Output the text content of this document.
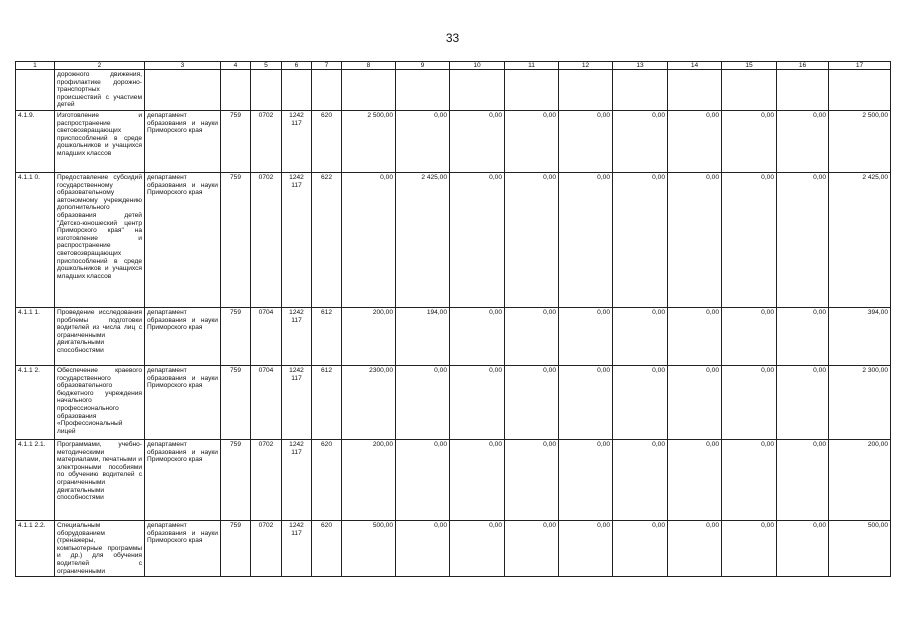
33
1	2	3	4	5	6	7	8	9	10	11	12	13	14	15	16	17
	дорожного движения, профилактике дорожно-транспортных происшествий с участием детей															
4.1.9.	Изготовление и распространение световозвращающих приспособлений в среде дошкольников и учащихся младших классов	департамент образования и науки Приморского края	759	0702	1242 117	620	2 500,00	0,00	0,00	0,00	0,00	0,00	0,00	0,00	0,00	2 500,00
4.1.1 0.	Предоставление субсидий государственному образовательному автономному учреждению дополнительного образования детей "Детско-юношеский центр Приморского края" на изготовление и распространение световозвращающих приспособлений в среде дошкольников и учащихся младших классов	департамент образования и науки Приморского края	759	0702	1242 117	622	0,00	2 425,00	0,00	0,00	0,00	0,00	0,00	0,00	0,00	2 425,00
4.1.1 1.	Проведение исследования проблемы подготовки водителей из числа лиц с ограниченными двигательными способностями	департамент образования и науки Приморского края	759	0704	1242 117	612	200,00	194,00	0,00	0,00	0,00	0,00	0,00	0,00	0,00	394,00
4.1.1 2.	Обеспечение краевого государственного образовательного бюджетного учреждения начального профессионального образования «Профессиональный лицей	департамент образования и науки Приморского края	759	0704	1242 117	612	2300,00	0,00	0,00	0,00	0,00	0,00	0,00	0,00	0,00	2 300,00
4.1.1 2.1.	Программами, учебно-методическими материалами, печатными и электронными пособиями по обучению водителей с ограниченными двигательными способностями	департамент образования и науки Приморского края	759	0702	1242 117	620	200,00	0,00	0,00	0,00	0,00	0,00	0,00	0,00	0,00	200,00
4.1.1 2.2.	Специальным оборудованием (тренажеры, компьютерные программы и др.) для обучения водителей с ограниченными	департамент образования и науки Приморского края	759	0702	1242 117	620	500,00	0,00	0,00	0,00	0,00	0,00	0,00	0,00	0,00	500,00
